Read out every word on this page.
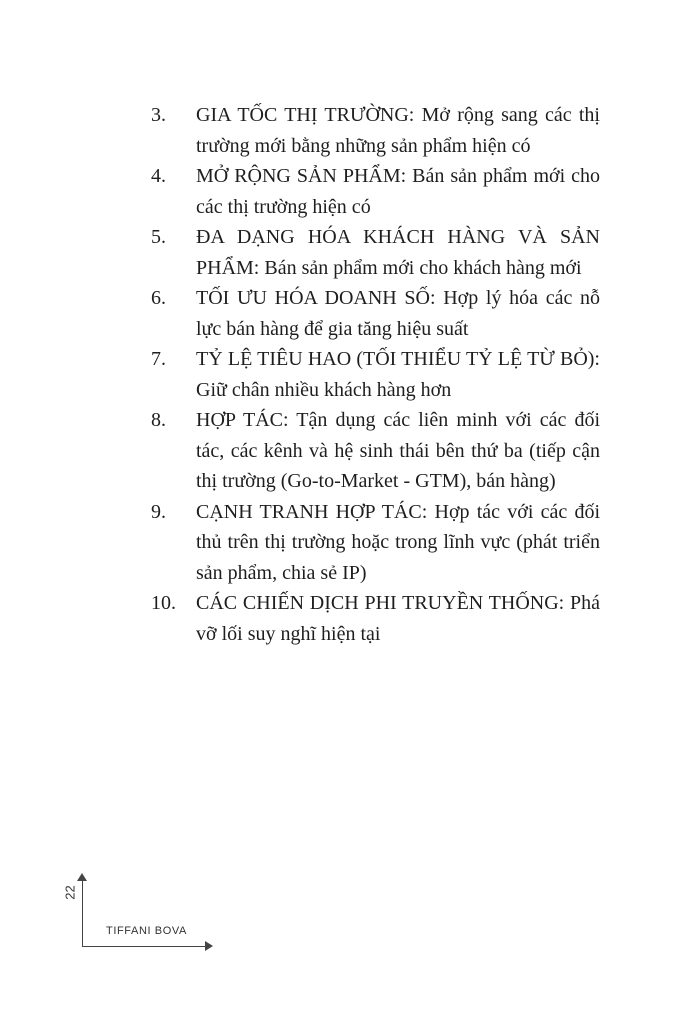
3. GIA TỐC THỊ TRƯỜNG: Mở rộng sang các thị trường mới bằng những sản phẩm hiện có
4. MỞ RỘNG SẢN PHẨM: Bán sản phẩm mới cho các thị trường hiện có
5. ĐA DẠNG HÓA KHÁCH HÀNG VÀ SẢN PHẨM: Bán sản phẩm mới cho khách hàng mới
6. TỐI ƯU HÓA DOANH SỐ: Hợp lý hóa các nỗ lực bán hàng để gia tăng hiệu suất
7. TỶ LỆ TIÊU HAO (TỐI THIỂU TỶ LỆ TỪ BỎ): Giữ chân nhiều khách hàng hơn
8. HỢP TÁC: Tận dụng các liên minh với các đối tác, các kênh và hệ sinh thái bên thứ ba (tiếp cận thị trường (Go-to-Market - GTM), bán hàng)
9. CẠNH TRANH HỢP TÁC: Hợp tác với các đối thủ trên thị trường hoặc trong lĩnh vực (phát triển sản phẩm, chia sẻ IP)
10. CÁC CHIẾN DỊCH PHI TRUYỀN THỐNG: Phá vỡ lối suy nghĩ hiện tại
22
TIFFANI BOVA
